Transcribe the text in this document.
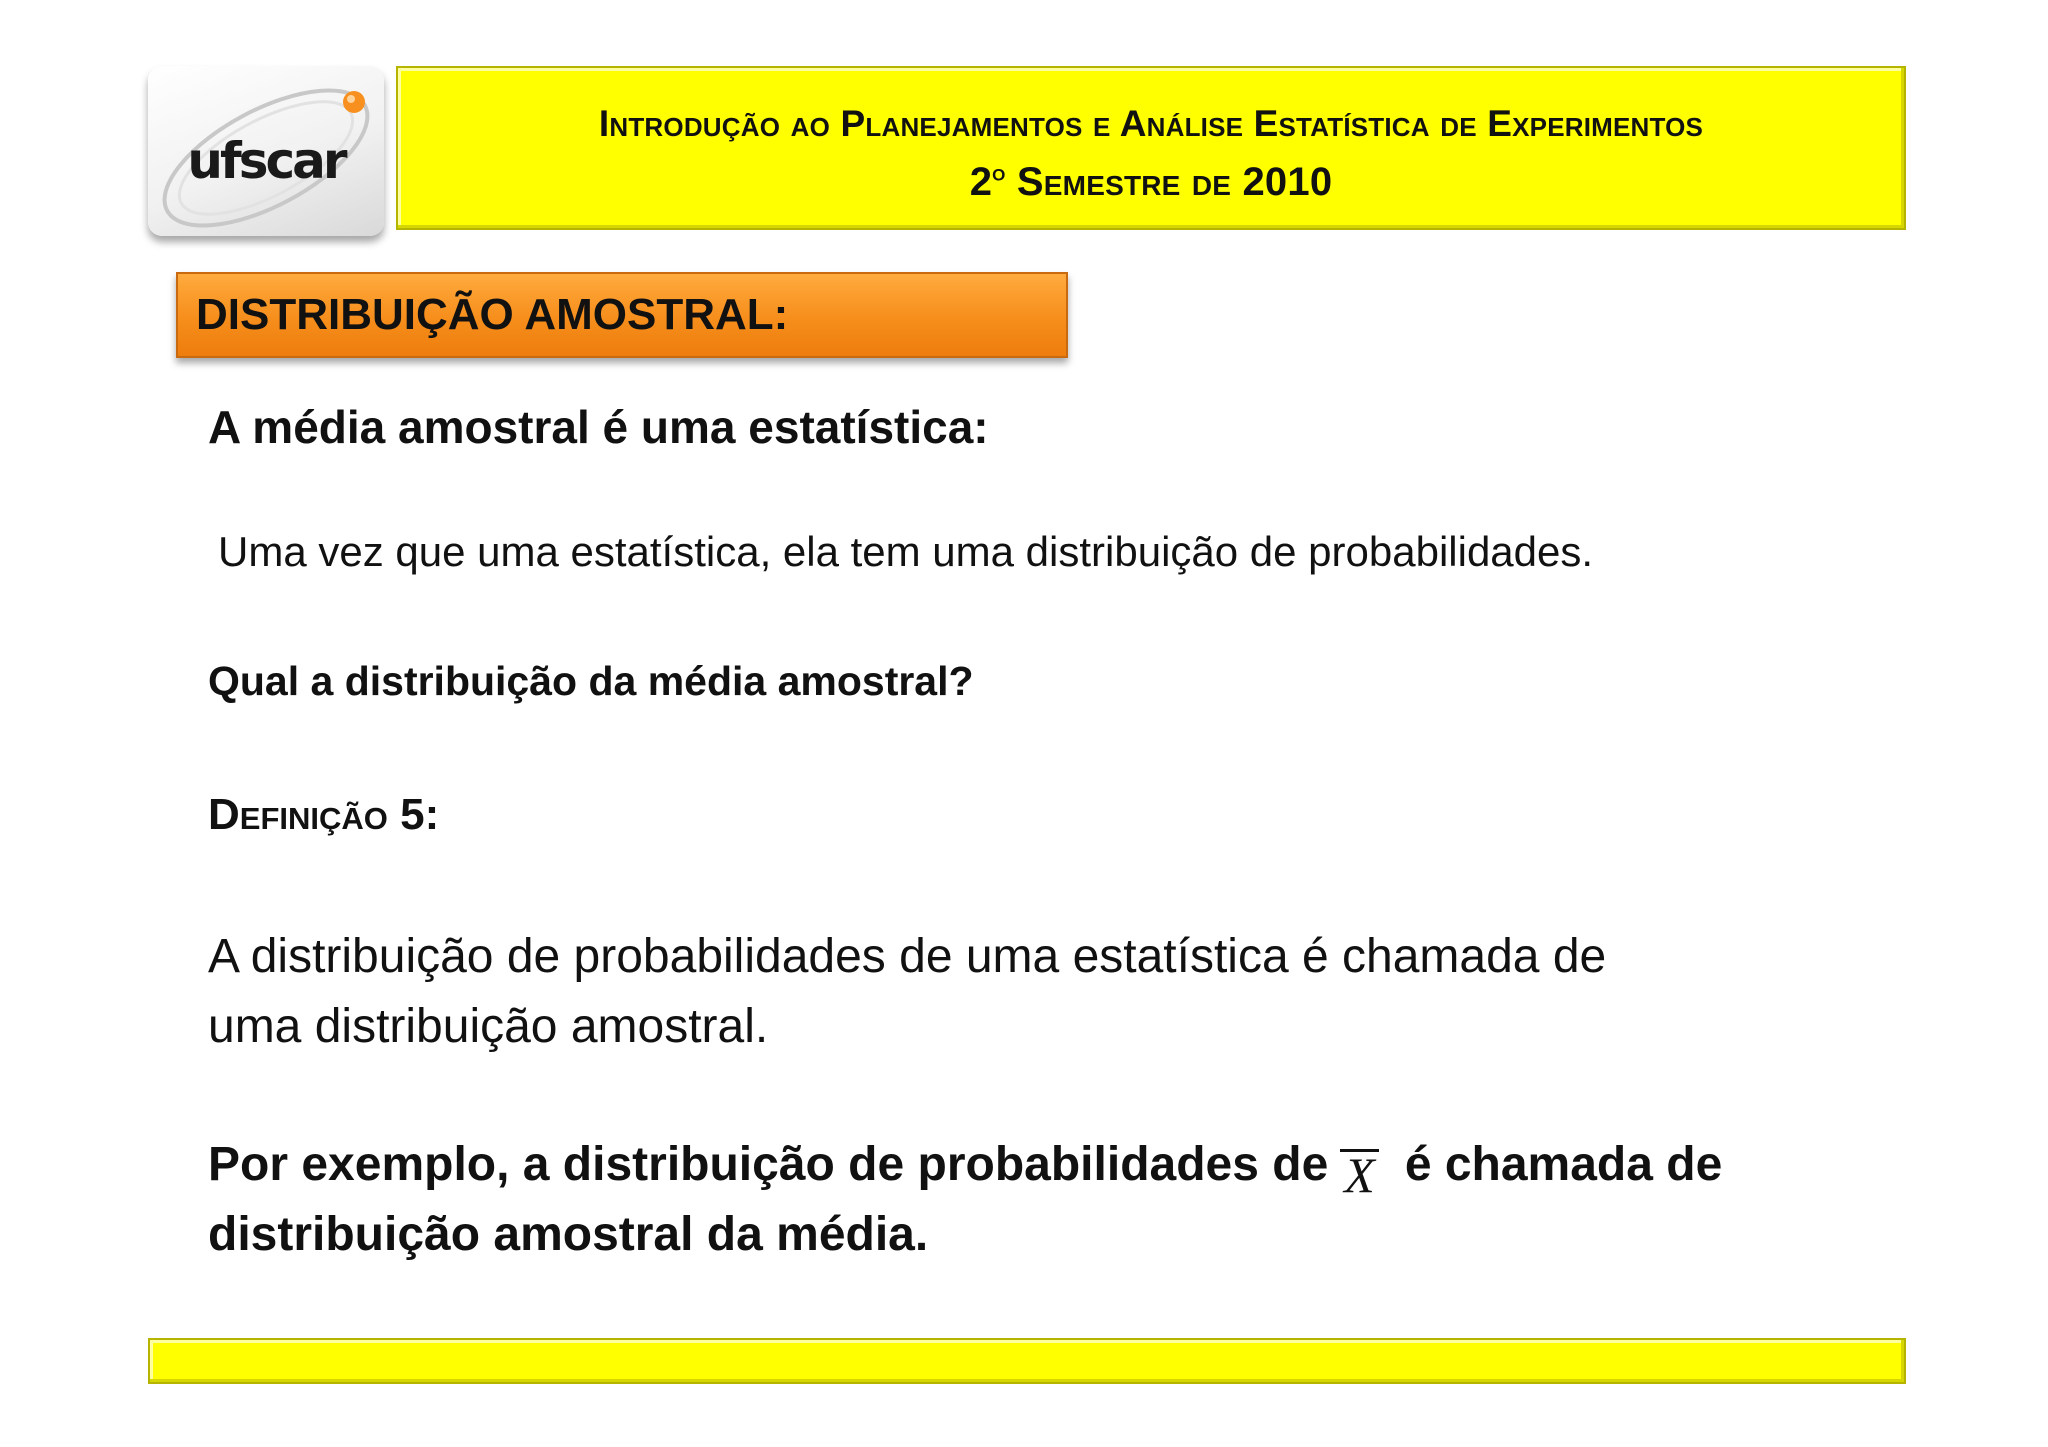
ufscar
Introdução ao Planejamentos e Análise Estatística de Experimentos
2$^o$ Semestre de 2010
DISTRIBUIÇÃO AMOSTRAL:

A média amostral é uma estatística:

Uma vez que uma estatística, ela tem uma distribuição de probabilidades.

Qual a distribuição da média amostral?

Definição 5:

A distribuição de probabilidades de uma estatística é chamada de
uma distribuição amostral.
Por exemplo, a distribuição de probabilidades de X é chamada de
distribuição amostral da média.
